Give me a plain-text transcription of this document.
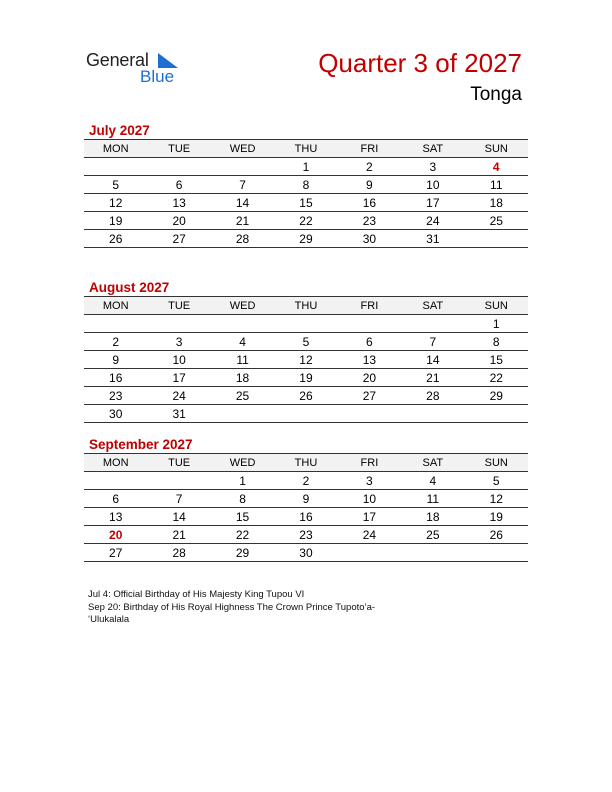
General
Blue	Quarter 3 of 2027
Tonga
July 2027
MON	TUE	WED	THU	FRI	SAT	SUN
			1	2	3	4
5	6	7	8	9	10	11
12	13	14	15	16	17	18
19	20	21	22	23	24	25
26	27	28	29	30	31	
August 2027
MON	TUE	WED	THU	FRI	SAT	SUN
						1
2	3	4	5	6	7	8
9	10	11	12	13	14	15
16	17	18	19	20	21	22
23	24	25	26	27	28	29
30	31					
September 2027
MON	TUE	WED	THU	FRI	SAT	SUN
		1	2	3	4	5
6	7	8	9	10	11	12
13	14	15	16	17	18	19
20	21	22	23	24	25	26
27	28	29	30			
Jul 4: Official Birthday of His Majesty King Tupou VI
Sep 20: Birthday of His Royal Highness The Crown Prince Tupoto’a-
‘Ulukalala
